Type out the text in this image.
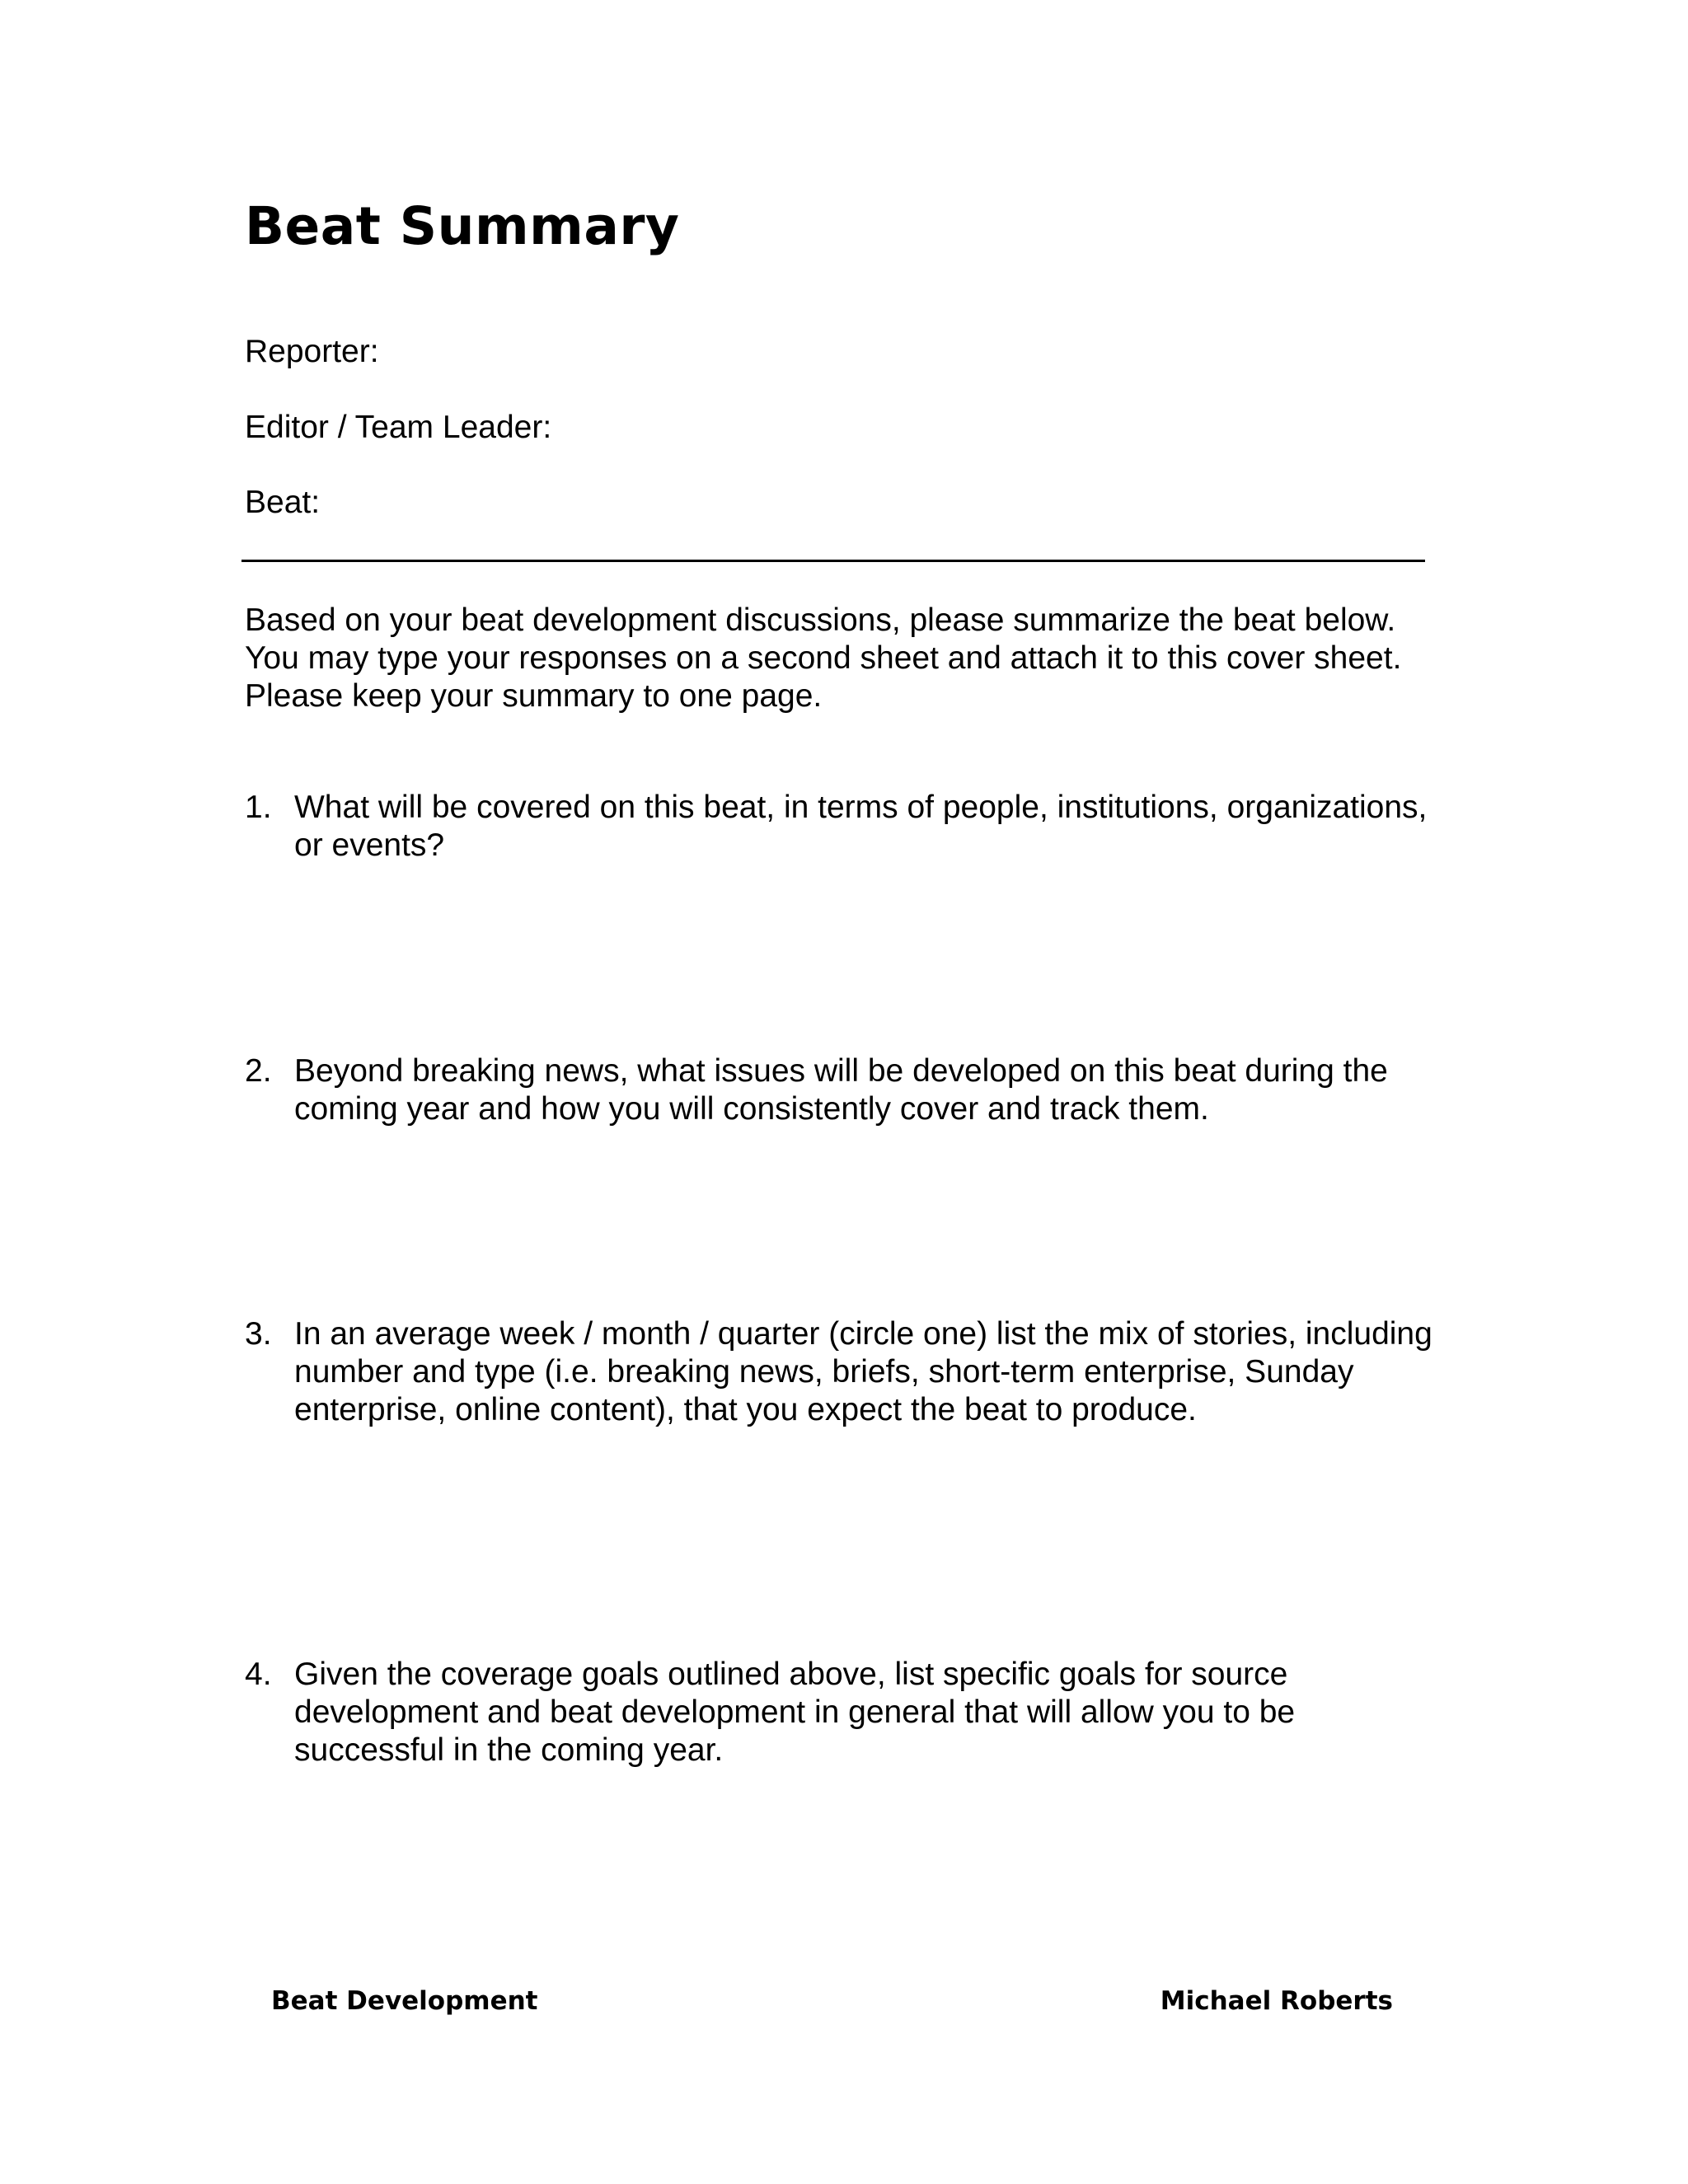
Beat Summary
Reporter:
Editor / Team Leader:
Beat:

Based on your beat development discussions, please summarize the beat below. You may type your responses on a second sheet and attach it to this cover sheet. Please keep your summary to one page.

1. What will be covered on this beat, in terms of people, institutions, organizations, or events?
2. Beyond breaking news, what issues will be developed on this beat during the coming year and how you will consistently cover and track them.
3. In an average week / month / quarter (circle one) list the mix of stories, including number and type (i.e. breaking news, briefs, short-term enterprise, Sunday enterprise, online content), that you expect the beat to produce.
4. Given the coverage goals outlined above, list specific goals for source development and beat development in general that will allow you to be successful in the coming year.
Beat Development	Michael Roberts
